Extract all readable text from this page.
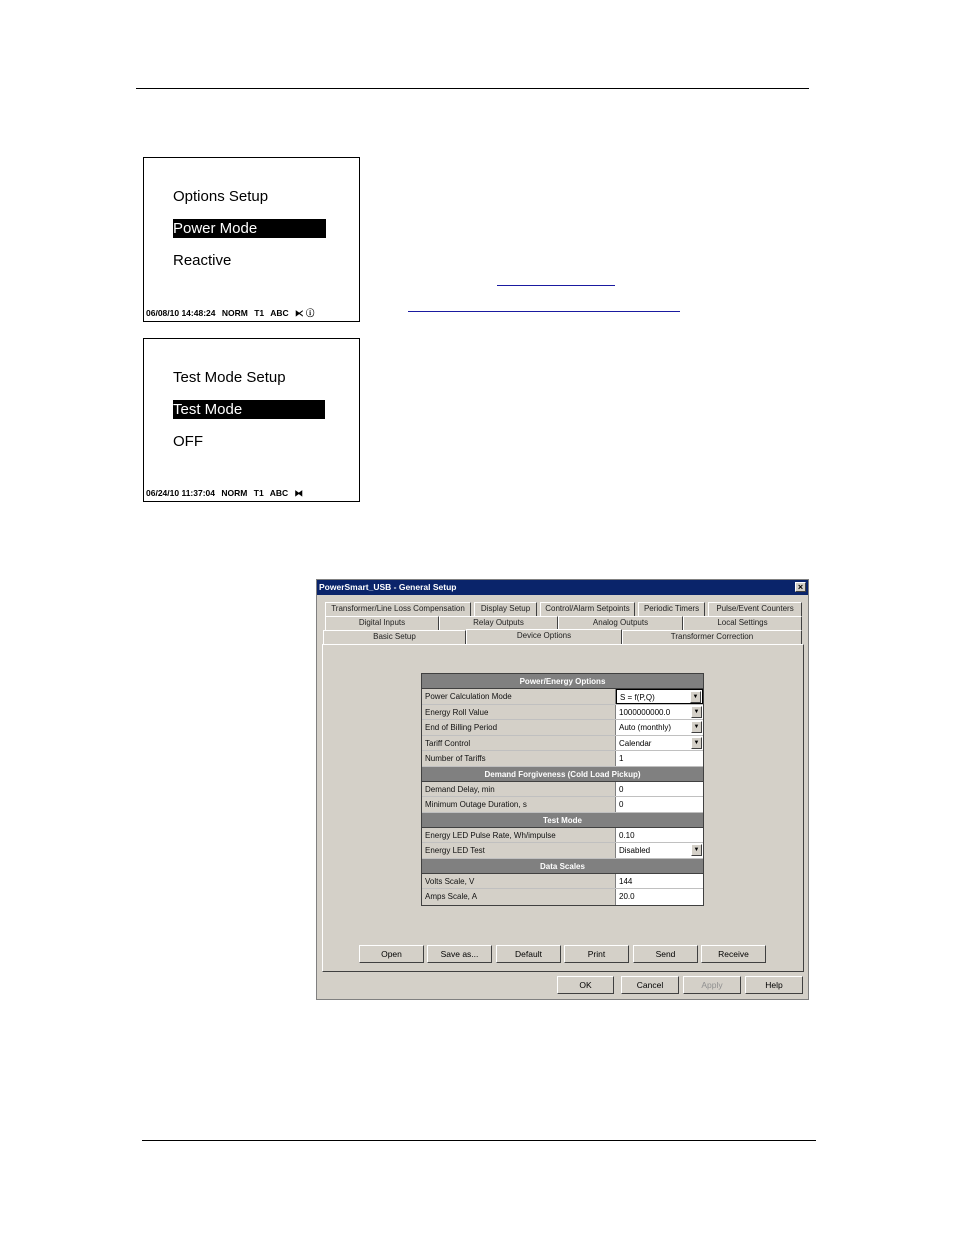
Options Setup
Power Mode
Reactive
06/08/10 14:48:24 NORM T1 ABC ⧔ ⓘ
Test Mode Setup
Test Mode
OFF
06/24/10 11:37:04 NORM T1 ABC ⧓
PowerSmart_USB - General Setup	×
Transformer/Line Loss Compensation	Display Setup	Control/Alarm Setpoints	Periodic Timers	Pulse/Event Counters
Digital Inputs	Relay Outputs	Analog Outputs	Local Settings
Basic Setup	Device Options	Transformer Correction
Power/Energy Options
Power Calculation Mode	S = f(P,Q)	▼
Energy Roll Value	1000000000.0	▼
End of Billing Period	Auto (monthly)	▼
Tariff Control	Calendar	▼
Number of Tariffs	1
Demand Forgiveness (Cold Load Pickup)
Demand Delay, min	0
Minimum Outage Duration, s	0
Test Mode
Energy LED Pulse Rate, Wh/impulse	0.10
Energy LED Test	Disabled	▼
Data Scales
Volts Scale, V	144
Amps Scale, A	20.0
Open	Save as...	Default	Print	Send	Receive
OK	Cancel	Apply	Help
